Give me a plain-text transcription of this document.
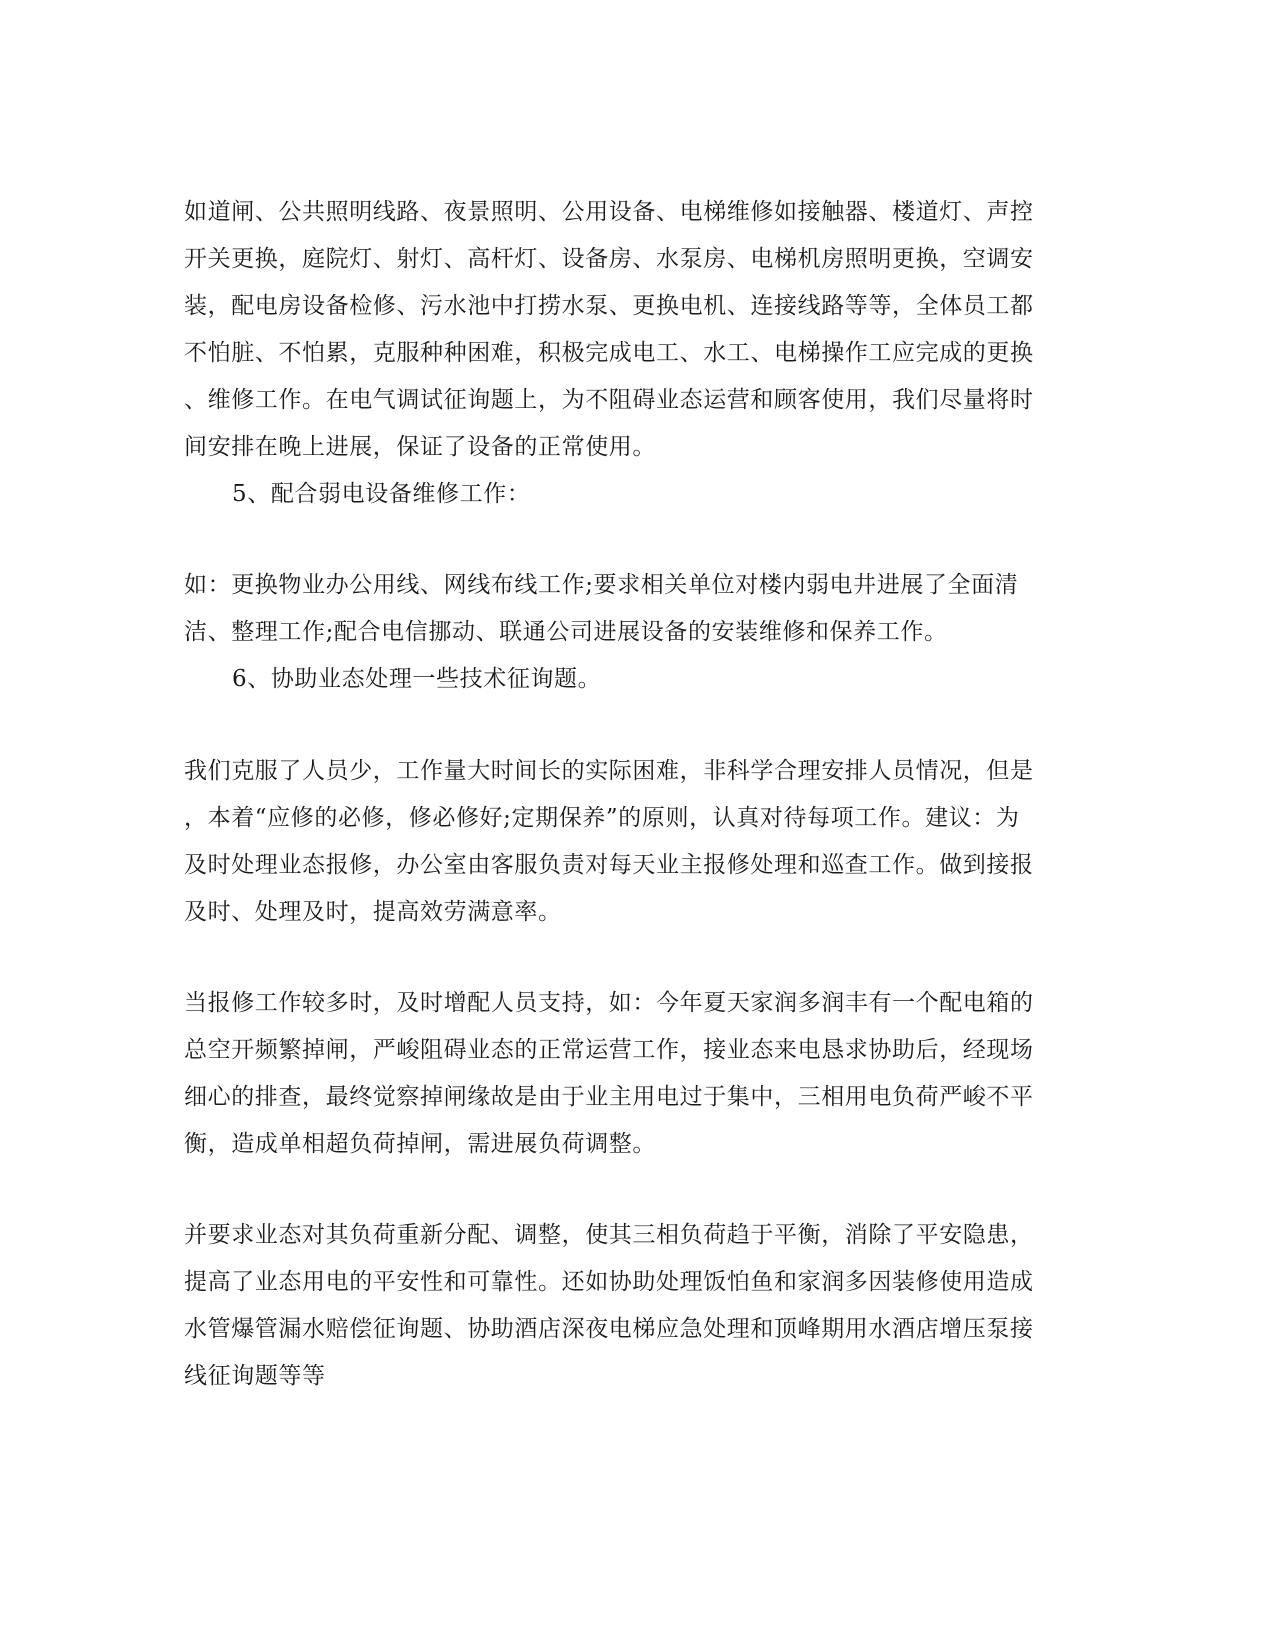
如道闸、公共照明线路、夜景照明、公用设备、电梯维修如接触器、楼道灯、声控
开关更换，庭院灯、射灯、高杆灯、设备房、水泵房、电梯机房照明更换，空调安
装，配电房设备检修、污水池中打捞水泵、更换电机、连接线路等等，全体员工都
不怕脏、不怕累，克服种种困难，积极完成电工、水工、电梯操作工应完成的更换
、维修工作。在电气调试征询题上，为不阻碍业态运营和顾客使用，我们尽量将时
间安排在晚上进展，保证了设备的正常使用。
5、配合弱电设备维修工作：
如：更换物业办公用线、网线布线工作;要求相关单位对楼内弱电井进展了全面清
洁、整理工作;配合电信挪动、联通公司进展设备的安装维修和保养工作。
6、协助业态处理一些技术征询题。
我们克服了人员少，工作量大时间长的实际困难，非科学合理安排人员情况，但是
，本着“应修的必修，修必修好;定期保养”的原则，认真对待每项工作。建议：为
及时处理业态报修，办公室由客服负责对每天业主报修处理和巡查工作。做到接报
及时、处理及时，提高效劳满意率。
当报修工作较多时，及时增配人员支持，如：今年夏天家润多润丰有一个配电箱的
总空开频繁掉闸，严峻阻碍业态的正常运营工作，接业态来电恳求协助后，经现场
细心的排查，最终觉察掉闸缘故是由于业主用电过于集中，三相用电负荷严峻不平
衡，造成单相超负荷掉闸，需进展负荷调整。
并要求业态对其负荷重新分配、调整，使其三相负荷趋于平衡，消除了平安隐患，
提高了业态用电的平安性和可靠性。还如协助处理饭怕鱼和家润多因装修使用造成
水管爆管漏水赔偿征询题、协助酒店深夜电梯应急处理和顶峰期用水酒店增压泵接
线征询题等等
